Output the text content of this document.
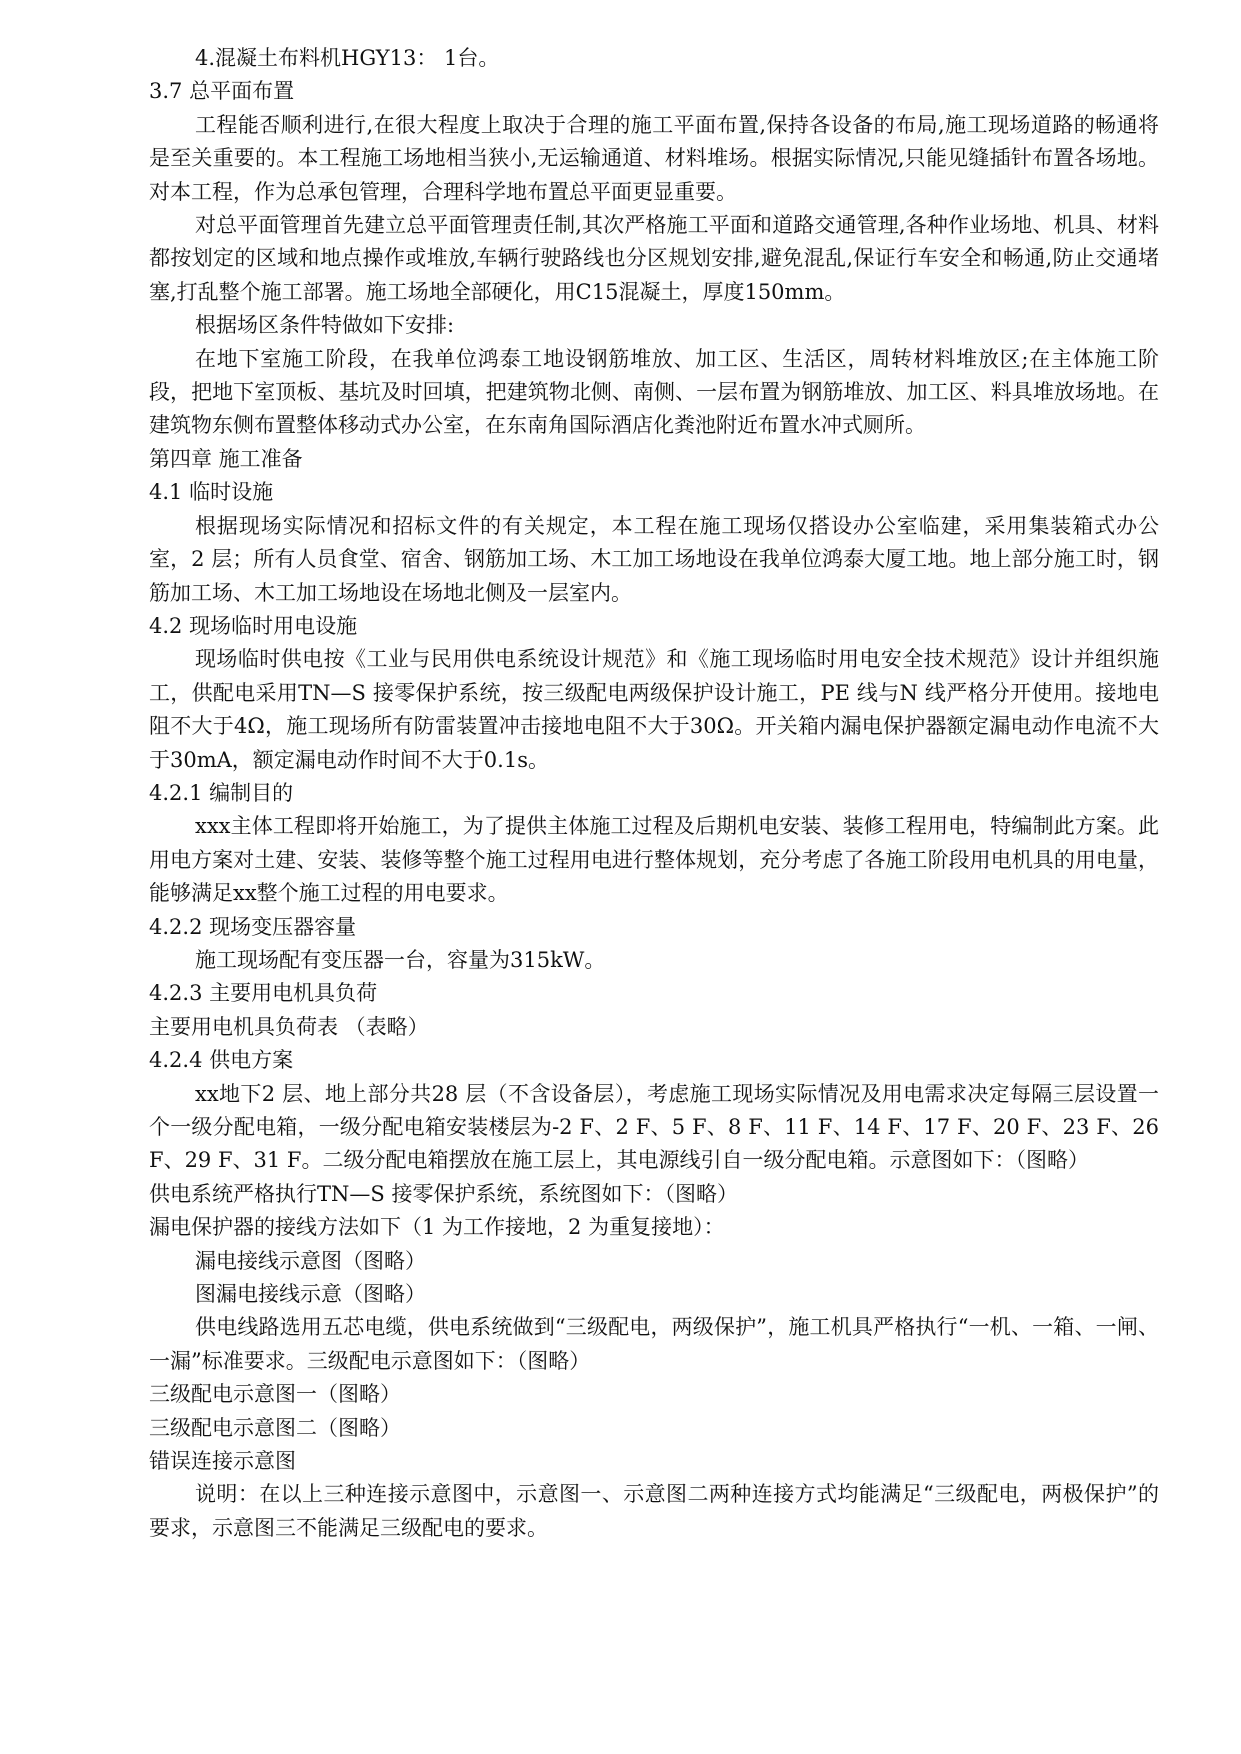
4.混凝土布料机HGY13： 1台。

3.7 总平面布置

工程能否顺利进行,在很大程度上取决于合理的施工平面布置,保持各设备的布局,施工现场道路的畅通将是至关重要的。本工程施工场地相当狭小,无运输通道、材料堆场。根据实际情况,只能见缝插针布置各场地。对本工程，作为总承包管理，合理科学地布置总平面更显重要。

对总平面管理首先建立总平面管理责任制,其次严格施工平面和道路交通管理,各种作业场地、机具、材料都按划定的区域和地点操作或堆放,车辆行驶路线也分区规划安排,避免混乱,保证行车安全和畅通,防止交通堵塞,打乱整个施工部署。施工场地全部硬化，用C15混凝土，厚度150mm。

根据场区条件特做如下安排:

在地下室施工阶段，在我单位鸿泰工地设钢筋堆放、加工区、生活区，周转材料堆放区;在主体施工阶段，把地下室顶板、基坑及时回填，把建筑物北侧、南侧、一层布置为钢筋堆放、加工区、料具堆放场地。在建筑物东侧布置整体移动式办公室，在东南角国际酒店化粪池附近布置水冲式厕所。

第四章 施工准备

4.1 临时设施

根据现场实际情况和招标文件的有关规定，本工程在施工现场仅搭设办公室临建，采用集装箱式办公室，2 层；所有人员食堂、宿舍、钢筋加工场、木工加工场地设在我单位鸿泰大厦工地。地上部分施工时，钢筋加工场、木工加工场地设在场地北侧及一层室内。

4.2 现场临时用电设施

现场临时供电按《工业与民用供电系统设计规范》和《施工现场临时用电安全技术规范》设计并组织施工，供配电采用TN—S 接零保护系统，按三级配电两级保护设计施工，PE 线与N 线严格分开使用。接地电阻不大于4Ω，施工现场所有防雷装置冲击接地电阻不大于30Ω。开关箱内漏电保护器额定漏电动作电流不大于30mA，额定漏电动作时间不大于0.1s。

4.2.1 编制目的

xxx主体工程即将开始施工，为了提供主体施工过程及后期机电安装、装修工程用电，特编制此方案。此用电方案对土建、安装、装修等整个施工过程用电进行整体规划，充分考虑了各施工阶段用电机具的用电量，能够满足xx整个施工过程的用电要求。

4.2.2 现场变压器容量

施工现场配有变压器一台，容量为315kW。

4.2.3 主要用电机具负荷

主要用电机具负荷表 （表略）

4.2.4 供电方案

xx地下2 层、地上部分共28 层（不含设备层），考虑施工现场实际情况及用电需求决定每隔三层设置一个一级分配电箱，一级分配电箱安装楼层为-2 F、2 F、5 F、8 F、11 F、14 F、17 F、20 F、23 F、26 F、29 F、31 F。二级分配电箱摆放在施工层上，其电源线引自一级分配电箱。示意图如下：（图略）

供电系统严格执行TN—S 接零保护系统，系统图如下：（图略）

漏电保护器的接线方法如下（1 为工作接地，2 为重复接地）：

漏电接线示意图（图略）

图漏电接线示意（图略）

供电线路选用五芯电缆，供电系统做到“三级配电，两级保护”，施工机具严格执行“一机、一箱、一闸、一漏”标准要求。三级配电示意图如下：（图略）

三级配电示意图一（图略）

三级配电示意图二（图略）

错误连接示意图

说明：在以上三种连接示意图中，示意图一、示意图二两种连接方式均能满足“三级配电，两极保护”的要求，示意图三不能满足三级配电的要求。
